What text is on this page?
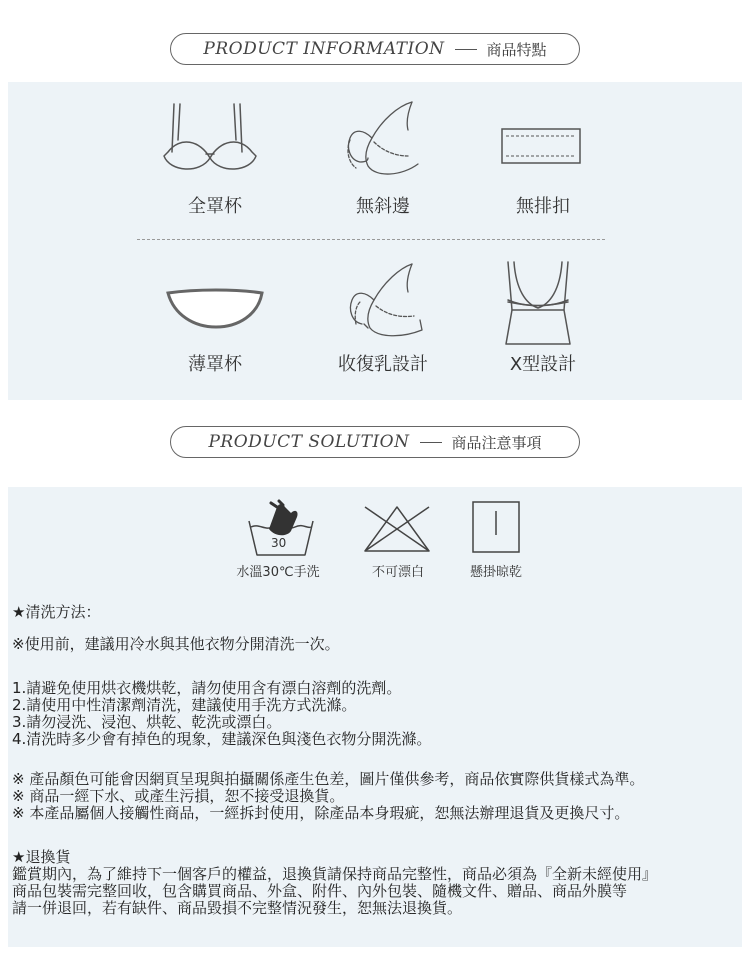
PRODUCT INFORMATION	商品特點
全罩杯	無斜邊	無排扣
薄罩杯	收復乳設計	X型設計
PRODUCT SOLUTION	商品注意事項
30
水溫30℃手洗	不可漂白	懸掛晾乾

★清洗方法：

※使用前，建議用冷水與其他衣物分開清洗一次。

1.請避免使用烘衣機烘乾，請勿使用含有漂白溶劑的洗劑。

2.請使用中性清潔劑清洗，建議使用手洗方式洗滌。

3.請勿浸洗、浸泡、烘乾、乾洗或漂白。

4.清洗時多少會有掉色的現象，建議深色與淺色衣物分開洗滌。

※ 產品顏色可能會因網頁呈現與拍攝關係產生色差，圖片僅供參考，商品依實際供貨樣式為準。

※ 商品一經下水、或產生污損，恕不接受退換貨。

※ 本產品屬個人接觸性商品，一經拆封使用，除產品本身瑕疵，恕無法辦理退貨及更換尺寸。

★退換貨

鑑賞期內，為了維持下一個客戶的權益，退換貨請保持商品完整性，商品必須為『全新未經使用』

商品包裝需完整回收，包含購買商品、外盒、附件、內外包裝、隨機文件、贈品、商品外膜等

請一併退回，若有缺件、商品毀損不完整情況發生，恕無法退換貨。
